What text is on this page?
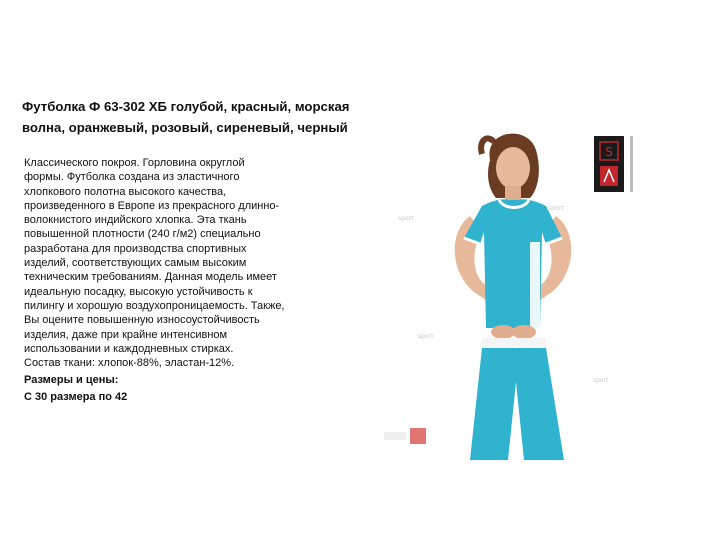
Футболка Ф 63-302 ХБ голубой, красный, морская волна, оранжевый, розовый, сиреневый, черный
Классического покроя. Горловина округлой формы. Футболка создана из эластичного хлопкового полотна высокого качества, произведенного в Европе из прекрасного длинно-волокнистого индийского хлопка. Эта ткань повышенной плотности (240 г/м2) специально разработана для производства спортивных изделий, соответствующих самым высоким техническим требованиям. Данная модель имеет идеальную посадку, высокую устойчивость к пилингу и хорошую воздухопроницаемость. Также, Вы оцените повышенную износоустойчивость изделия, даже при крайне интенсивном использовании и каждодневных стирках.
Состав ткани: хлопок-88%, эластан-12%.
Размеры и цены:
С 30 размера по 42
sport
sport
sport
sport
S
